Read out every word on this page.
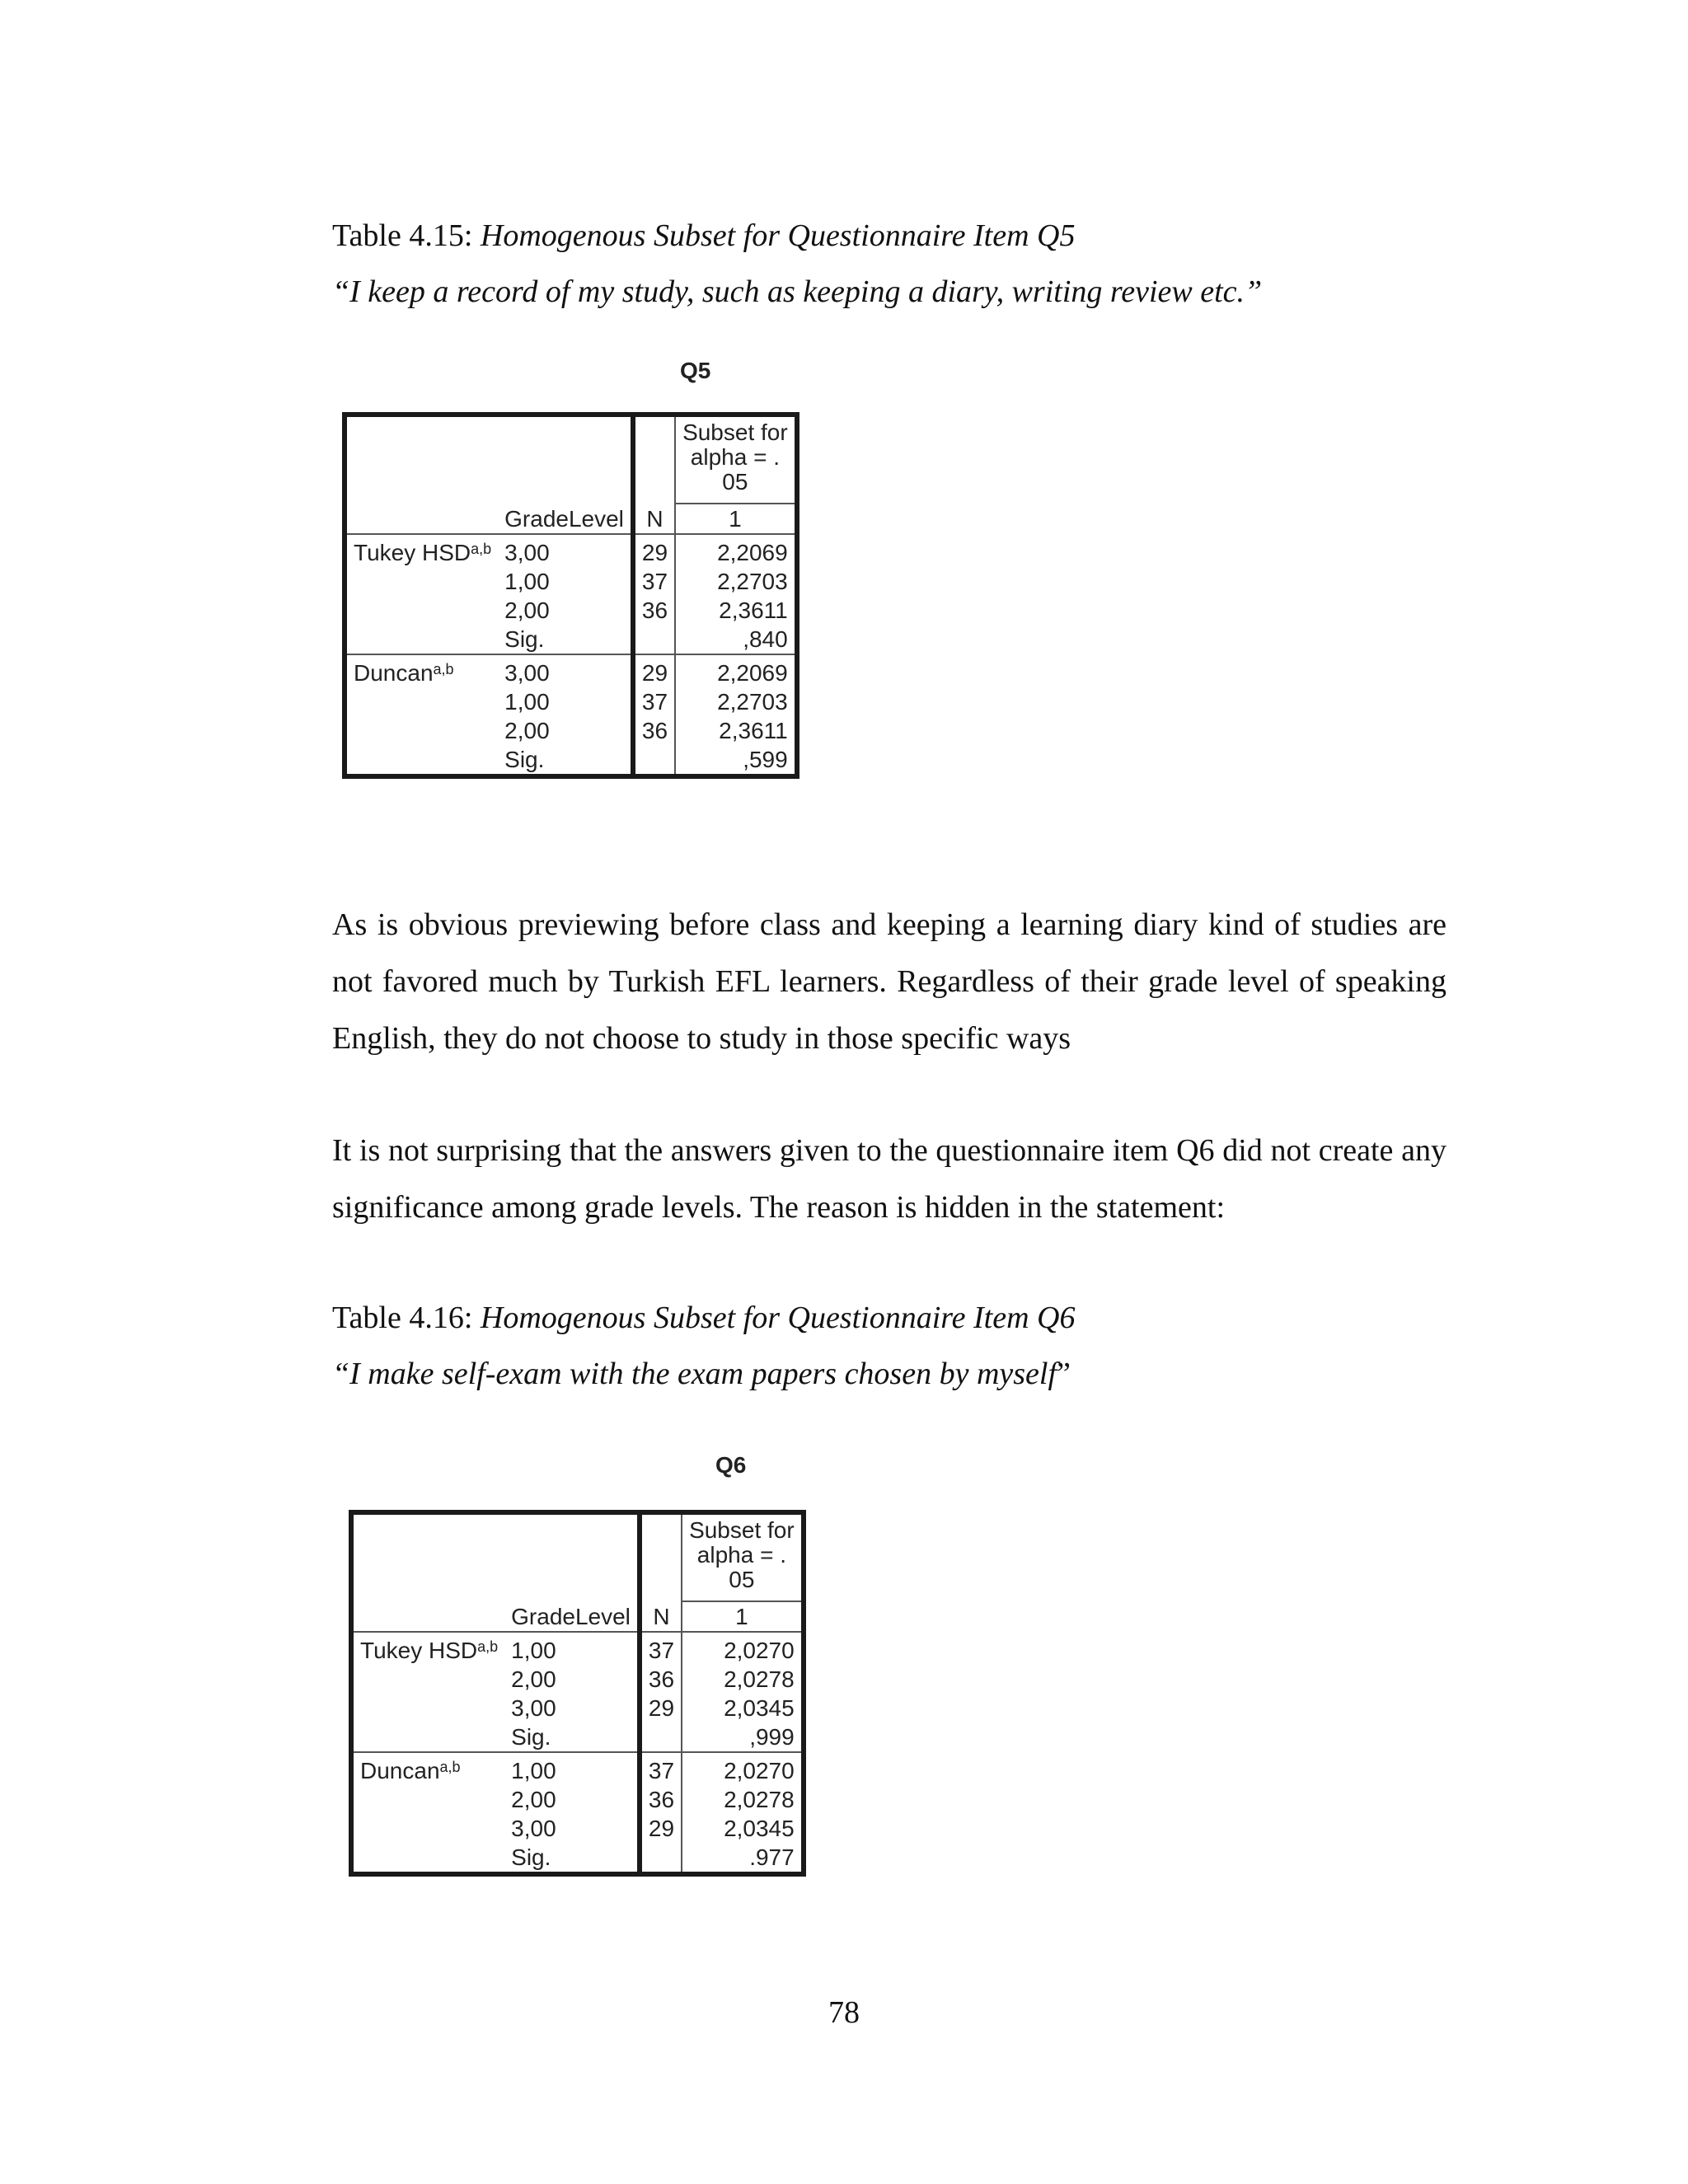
Table 4.15: Homogenous Subset for Questionnaire Item Q5
“I keep a record of my study, such as keeping a diary, writing review etc.”
Q5

			Subset for
alpha = .
05

	GradeLevel	N	1
Tukey HSD$^{a,b}$	3,00	29	2,2069
	1,00	37	2,2703
	2,00	36	2,3611
	Sig.		,840
Duncan$^{a,b}$	3,00	29	2,2069
	1,00	37	2,2703
	2,00	36	2,3611
	Sig.		,599
As is obvious previewing before class and keeping a learning diary kind of studies are not favored much by Turkish EFL learners. Regardless of their grade level of speaking English, they do not choose to study in those specific ways
It is not surprising that the answers given to the questionnaire item Q6 did not create any significance among grade levels. The reason is hidden in the statement:
Table 4.16: Homogenous Subset for Questionnaire Item Q6
“I make self-exam with the exam papers chosen by myself”
Q6

			Subset for
alpha = .
05

	GradeLevel	N	1
Tukey HSD$^{a,b}$	1,00	37	2,0270
	2,00	36	2,0278
	3,00	29	2,0345
	Sig.		,999
Duncan$^{a,b}$	1,00	37	2,0270
	2,00	36	2,0278
	3,00	29	2,0345
	Sig.		.977
78
